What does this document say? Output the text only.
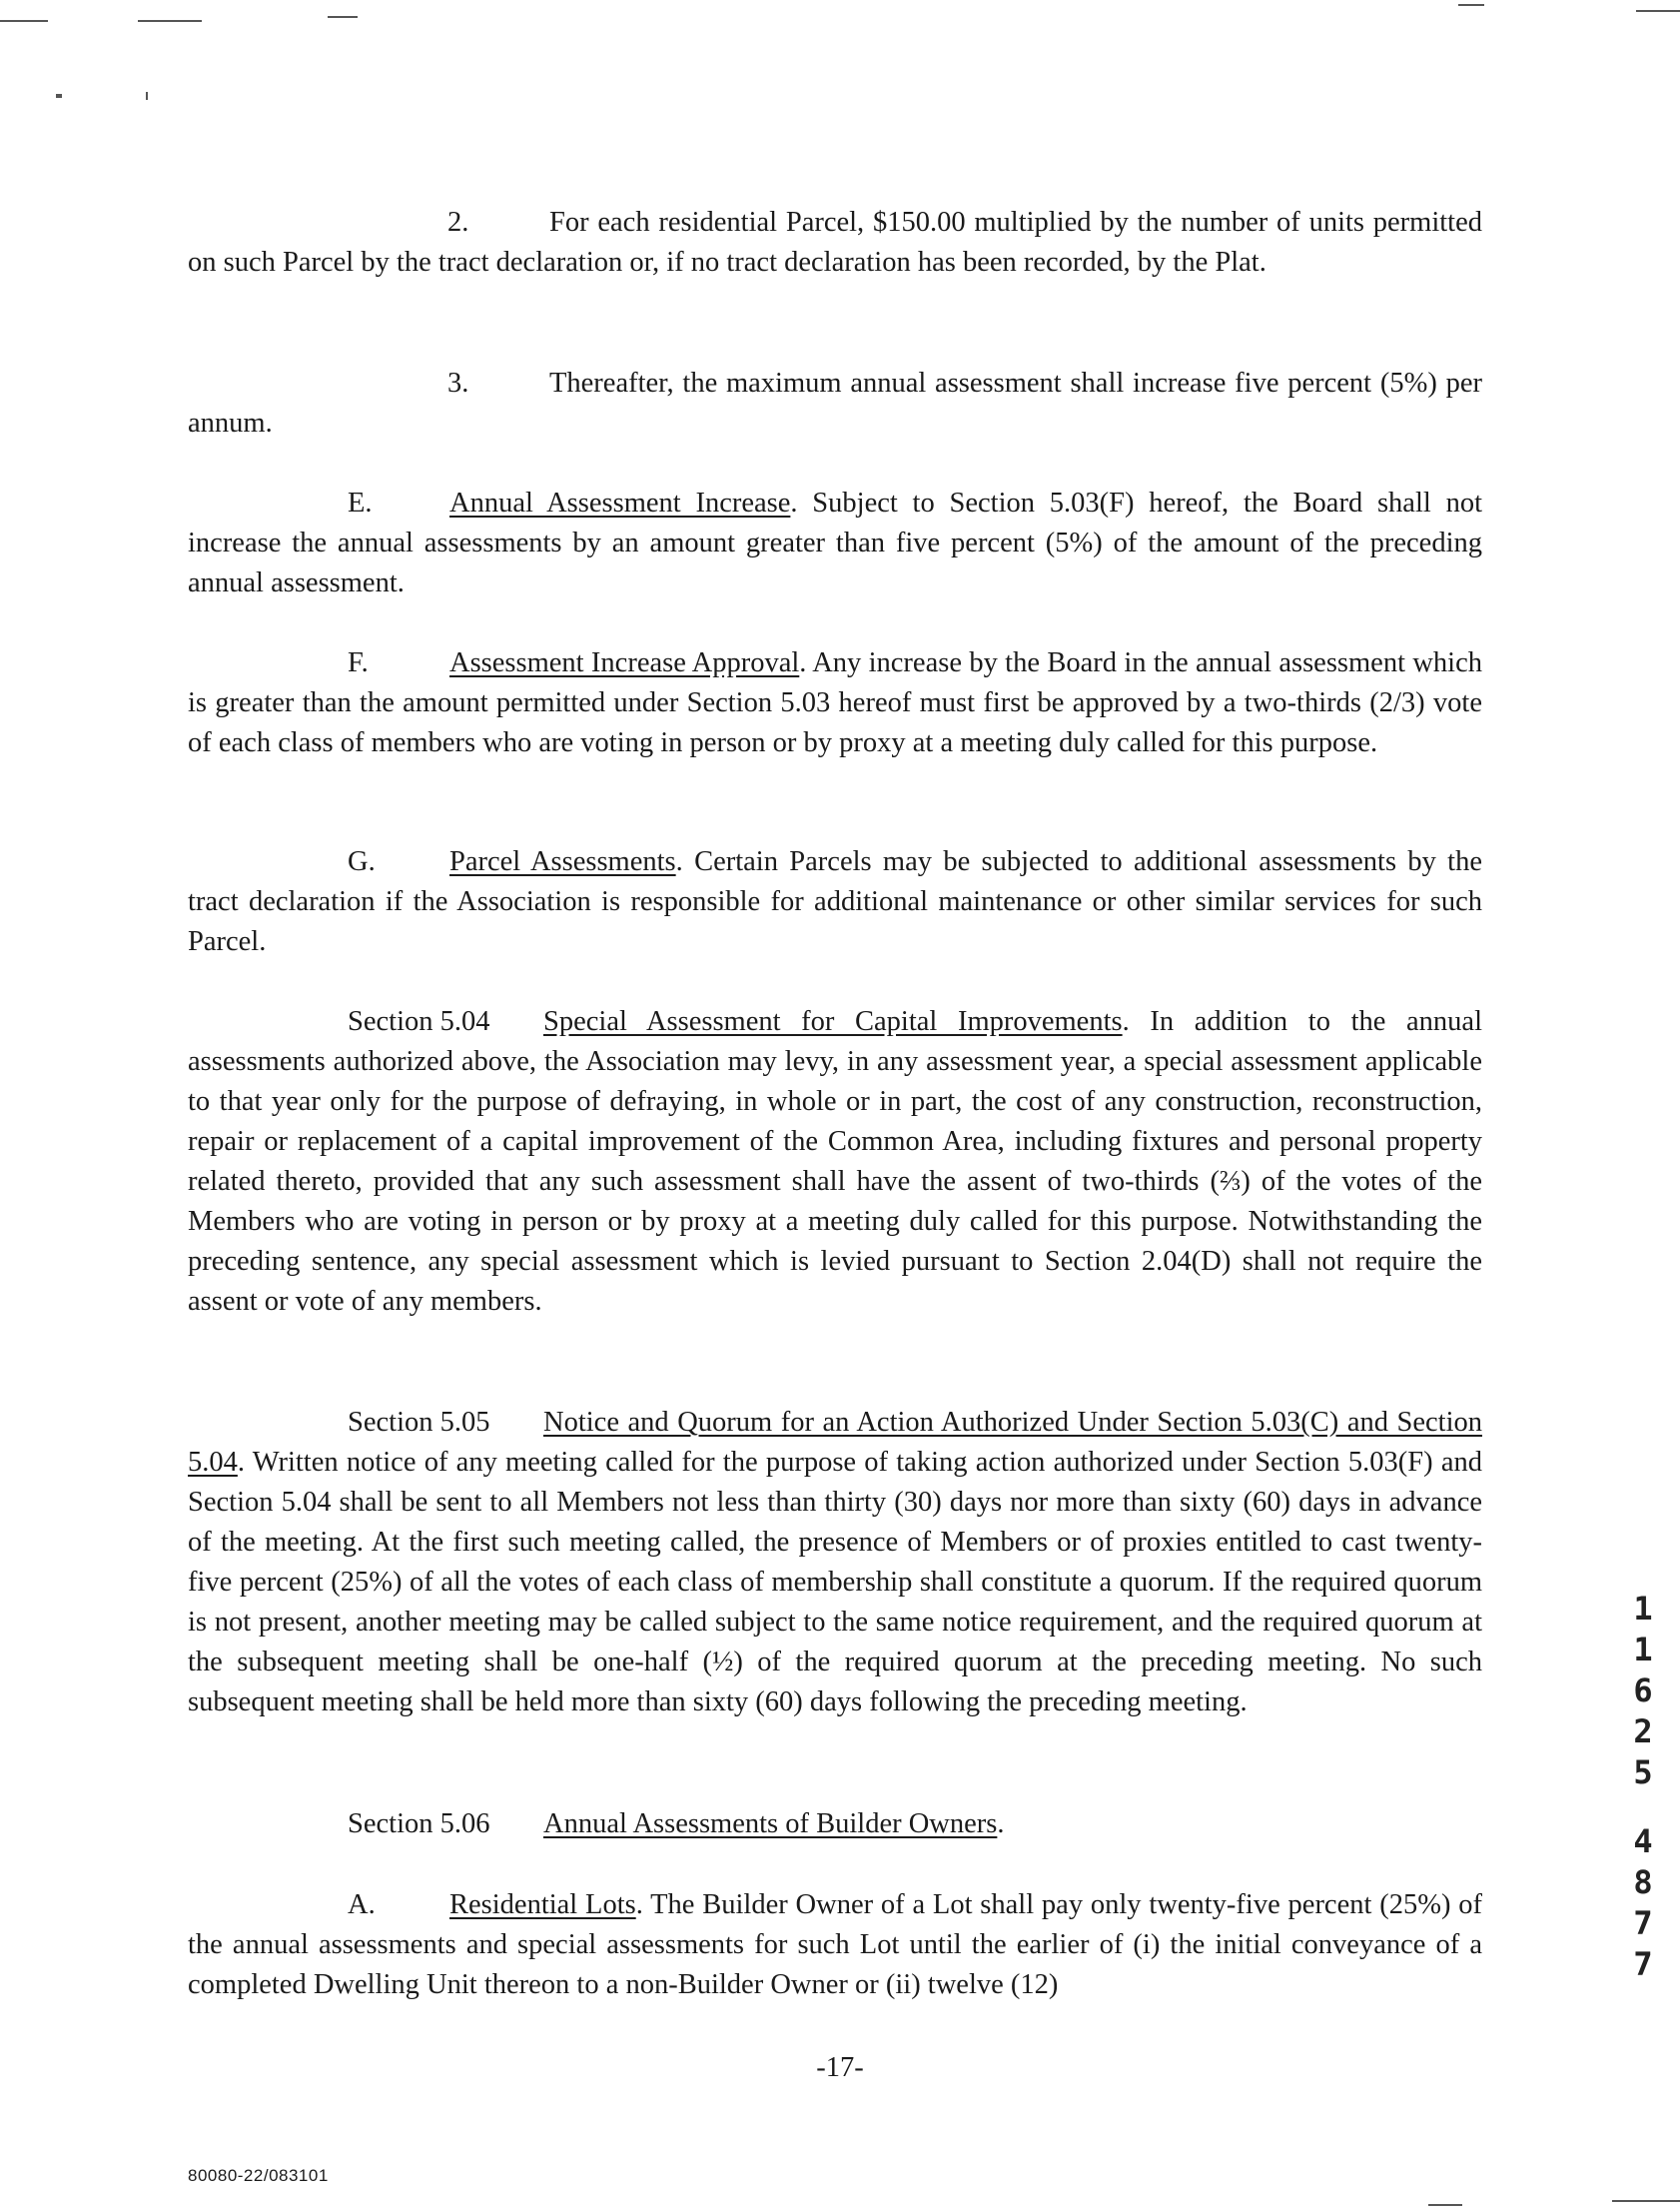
2.	For each residential Parcel, $150.00 multiplied by the number of units permitted on such Parcel by the tract declaration or, if no tract declaration has been recorded, by the Plat.
3.	Thereafter, the maximum annual assessment shall increase five percent (5%) per annum.
E.	Annual Assessment Increase. Subject to Section 5.03(F) hereof, the Board shall not increase the annual assessments by an amount greater than five percent (5%) of the amount of the preceding annual assessment.
F.	Assessment Increase Approval. Any increase by the Board in the annual assessment which is greater than the amount permitted under Section 5.03 hereof must first be approved by a two-thirds (2/3) vote of each class of members who are voting in person or by proxy at a meeting duly called for this purpose.
G.	Parcel Assessments. Certain Parcels may be subjected to additional assessments by the tract declaration if the Association is responsible for additional maintenance or other similar services for such Parcel.
Section 5.04 Special Assessment for Capital Improvements. In addition to the annual assessments authorized above, the Association may levy, in any assessment year, a special assessment applicable to that year only for the purpose of defraying, in whole or in part, the cost of any construction, reconstruction, repair or replacement of a capital improvement of the Common Area, including fixtures and personal property related thereto, provided that any such assessment shall have the assent of two-thirds (⅔) of the votes of the Members who are voting in person or by proxy at a meeting duly called for this purpose. Notwithstanding the preceding sentence, any special assessment which is levied pursuant to Section 2.04(D) shall not require the assent or vote of any members.
Section 5.05 Notice and Quorum for an Action Authorized Under Section 5.03(C) and Section 5.04. Written notice of any meeting called for the purpose of taking action authorized under Section 5.03(F) and Section 5.04 shall be sent to all Members not less than thirty (30) days nor more than sixty (60) days in advance of the meeting. At the first such meeting called, the presence of Members or of proxies entitled to cast twenty-five percent (25%) of all the votes of each class of membership shall constitute a quorum. If the required quorum is not present, another meeting may be called subject to the same notice requirement, and the required quorum at the subsequent meeting shall be one-half (½) of the required quorum at the preceding meeting. No such subsequent meeting shall be held more than sixty (60) days following the preceding meeting.
Section 5.06 Annual Assessments of Builder Owners.
A.	Residential Lots. The Builder Owner of a Lot shall pay only twenty-five percent (25%) of the annual assessments and special assessments for such Lot until the earlier of (i) the initial conveyance of a completed Dwelling Unit thereon to a non-Builder Owner or (ii) twelve (12)
-17-
80080-22/083101
1
1
6
2
5
4
8
7
7
